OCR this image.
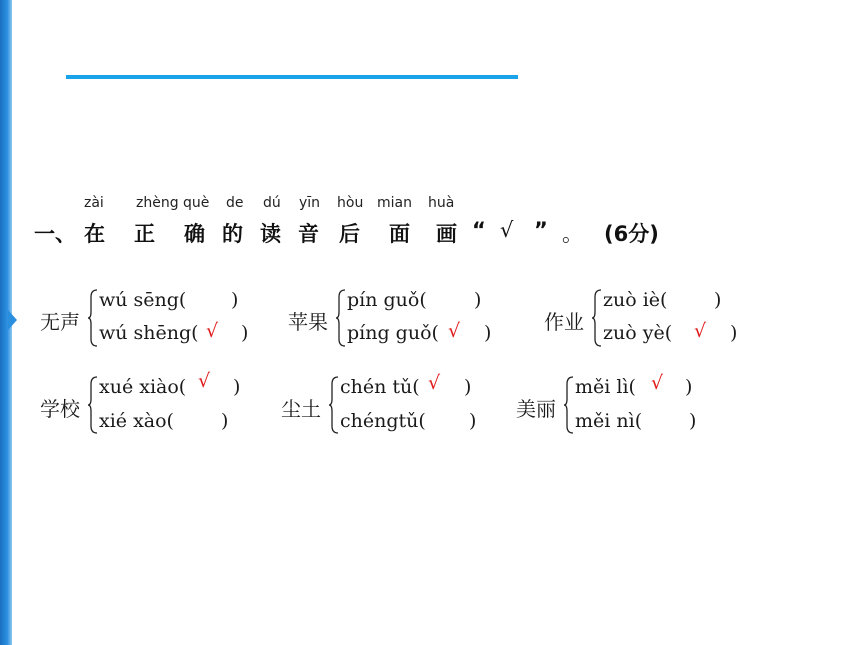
zài zhèng què de dú yīn hòu mian huà
一、 在 正 确 的 读 音 后 面 画 “ √ ” 。 (6分)
无声
wú sēng( )
wú shēng( √ ) 苹果
pín guǒ( )
píng guǒ( √ )	作业
zuò iè( )
zuò yè( √ )
学校
xué xiào( √ )
xié xào( )	尘土
chén tǔ( √ )
chéngtǔ( ) 美丽
měi lì( √ )
měi nì( )
